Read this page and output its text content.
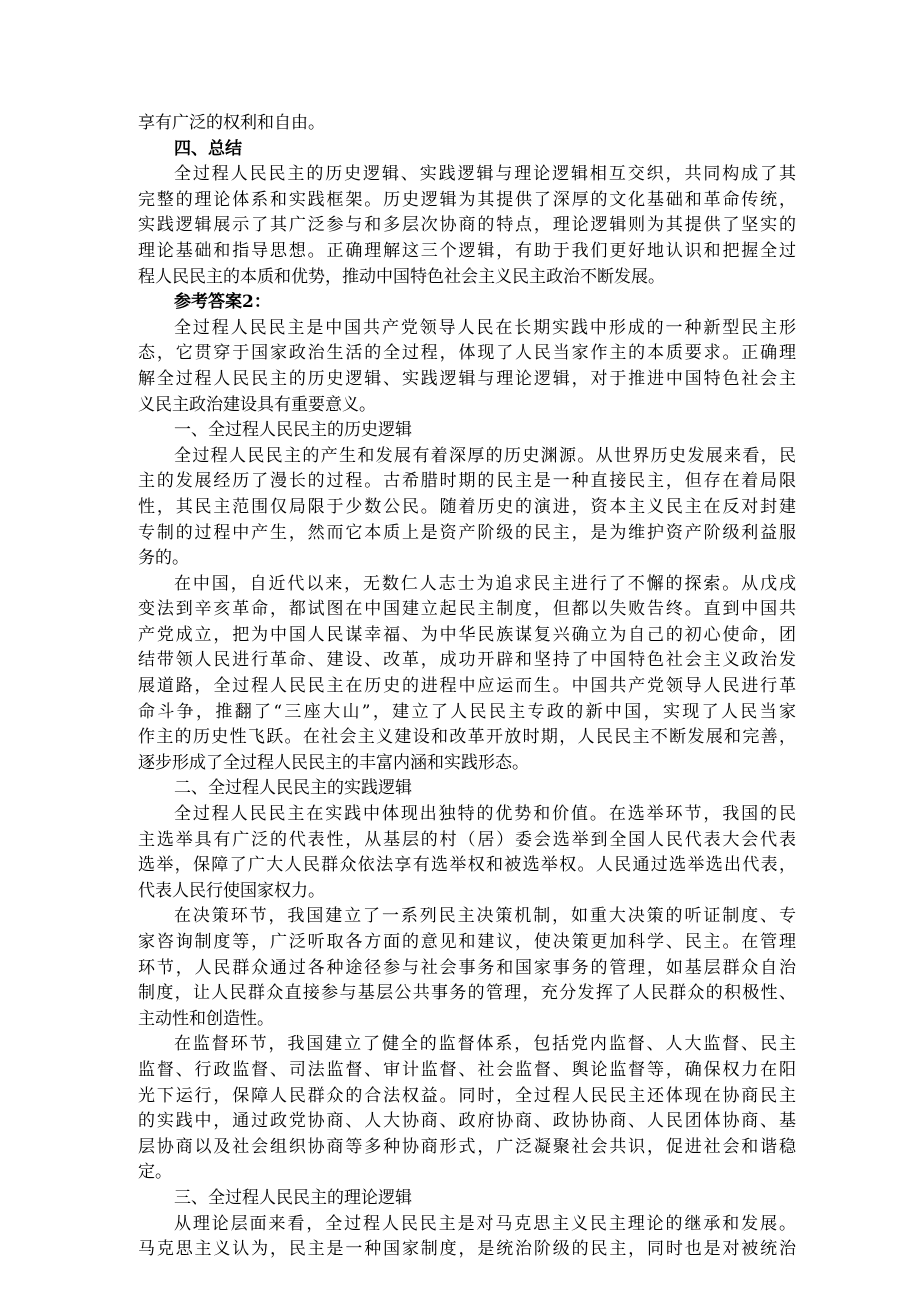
享有广泛的权利和自由。
四、总结
全过程人民民主的历史逻辑、实践逻辑与理论逻辑相互交织，共同构成了其
完整的理论体系和实践框架。历史逻辑为其提供了深厚的文化基础和革命传统，
实践逻辑展示了其广泛参与和多层次协商的特点，理论逻辑则为其提供了坚实的
理论基础和指导思想。正确理解这三个逻辑，有助于我们更好地认识和把握全过
程人民民主的本质和优势，推动中国特色社会主义民主政治不断发展。
参考答案2：
全过程人民民主是中国共产党领导人民在长期实践中形成的一种新型民主形
态，它贯穿于国家政治生活的全过程，体现了人民当家作主的本质要求。正确理
解全过程人民民主的历史逻辑、实践逻辑与理论逻辑，对于推进中国特色社会主
义民主政治建设具有重要意义。
一、全过程人民民主的历史逻辑
全过程人民民主的产生和发展有着深厚的历史渊源。从世界历史发展来看，民
主的发展经历了漫长的过程。古希腊时期的民主是一种直接民主，但存在着局限
性，其民主范围仅局限于少数公民。随着历史的演进，资本主义民主在反对封建
专制的过程中产生，然而它本质上是资产阶级的民主，是为维护资产阶级利益服
务的。
在中国，自近代以来，无数仁人志士为追求民主进行了不懈的探索。从戊戌
变法到辛亥革命，都试图在中国建立起民主制度，但都以失败告终。直到中国共
产党成立，把为中国人民谋幸福、为中华民族谋复兴确立为自己的初心使命，团
结带领人民进行革命、建设、改革，成功开辟和坚持了中国特色社会主义政治发
展道路，全过程人民民主在历史的进程中应运而生。中国共产党领导人民进行革
命斗争，推翻了“三座大山”，建立了人民民主专政的新中国，实现了人民当家
作主的历史性飞跃。在社会主义建设和改革开放时期，人民民主不断发展和完善，
逐步形成了全过程人民民主的丰富内涵和实践形态。
二、全过程人民民主的实践逻辑
全过程人民民主在实践中体现出独特的优势和价值。在选举环节，我国的民
主选举具有广泛的代表性，从基层的村（居）委会选举到全国人民代表大会代表
选举，保障了广大人民群众依法享有选举权和被选举权。人民通过选举选出代表，
代表人民行使国家权力。
在决策环节，我国建立了一系列民主决策机制，如重大决策的听证制度、专
家咨询制度等，广泛听取各方面的意见和建议，使决策更加科学、民主。在管理
环节，人民群众通过各种途径参与社会事务和国家事务的管理，如基层群众自治
制度，让人民群众直接参与基层公共事务的管理，充分发挥了人民群众的积极性、
主动性和创造性。
在监督环节，我国建立了健全的监督体系，包括党内监督、人大监督、民主
监督、行政监督、司法监督、审计监督、社会监督、舆论监督等，确保权力在阳
光下运行，保障人民群众的合法权益。同时，全过程人民民主还体现在协商民主
的实践中，通过政党协商、人大协商、政府协商、政协协商、人民团体协商、基
层协商以及社会组织协商等多种协商形式，广泛凝聚社会共识，促进社会和谐稳
定。
三、全过程人民民主的理论逻辑
从理论层面来看，全过程人民民主是对马克思主义民主理论的继承和发展。
马克思主义认为，民主是一种国家制度，是统治阶级的民主，同时也是对被统治
